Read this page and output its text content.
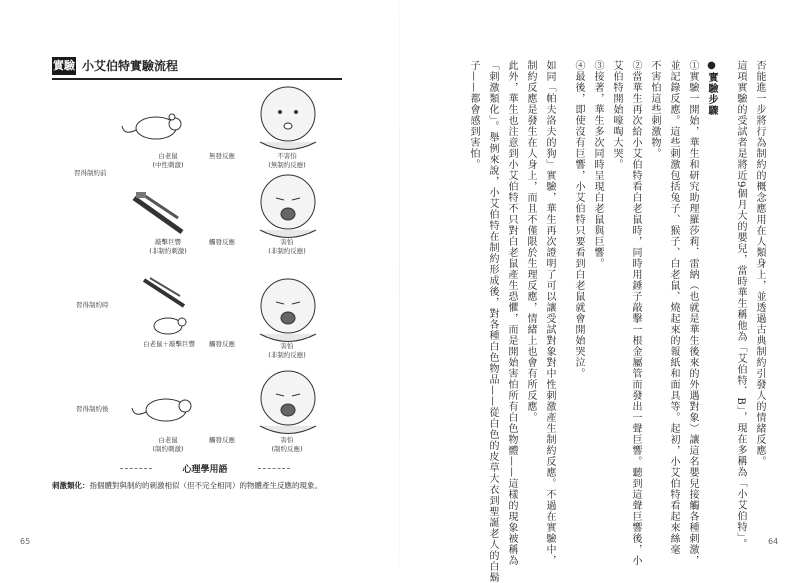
實驗 小艾伯特實驗流程
習得制約前
習得制約時
習得制約後
白老鼠
(中性刺激)
無發反應	不害怕
(無制約反應)
敲擊巨響
(非制約刺激)
觸發反應	害怕
(非制約反應)
白老鼠＋敲擊巨響	觸發反應	害怕
(非制約反應)
白老鼠
(制約刺激)
觸發反應	害怕
(制約反應)
心理學用語
刺激類化：指個體對與制約的刺激相似（但不完全相同）的物體產生反應的現象。
65
否能進一步將行為制約的概念應用在人類身上，並透過古典制約引發人的情緒反應。
這項實驗的受試者是將近9個月大的嬰兒，當時華生稱他為「艾伯特．B」，現在多稱為「小艾伯特」。
●實驗步驟
①實驗一開始，華生和研究助理羅莎莉．雷納（也就是華生後來的外遇對象）讓這名嬰兒接觸各種刺激，
並記錄反應。這些刺激包括兔子、猴子、白老鼠、燒起來的報紙和面具等。起初，小艾伯特看起來絲毫
不害怕這些刺激物。
②當華生再次給小艾伯特看白老鼠時，同時用錘子敲擊一根金屬管而發出一聲巨響。聽到這聲巨響後，小
艾伯特開始嚎啕大哭。
③接著，華生多次同時呈現白老鼠與巨響。
④最後，即使沒有巨響，小艾伯特只要看到白老鼠就會開始哭泣。
如同「帕夫洛夫的狗」實驗，華生再次證明了可以讓受試對象對中性刺激產生制約反應。不過在實驗中，
制約反應是發生在人身上，而且不僅限於生理反應，情緒上也會有所反應。
此外，華生也注意到小艾伯特不只對白老鼠產生恐懼，而是開始害怕所有白色物體——這樣的現象被稱為
「刺激類化」。舉例來說，小艾伯特在制約形成後，對各種白色物品——從白色的皮草大衣到聖誕老人的白鬍
子——都會感到害怕。
64
